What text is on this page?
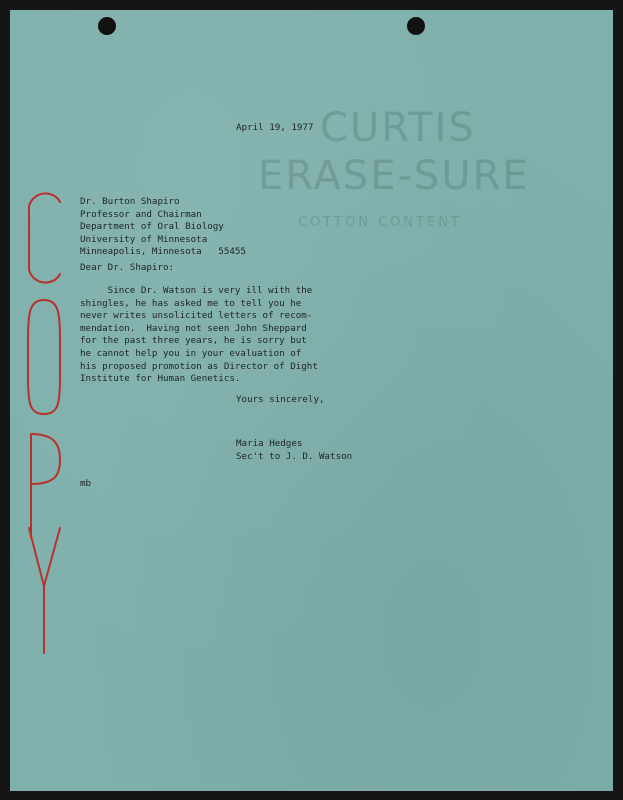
CURTIS
ERASE-SURE
COTTON CONTENT
April 19, 1977
Dr. Burton Shapiro
Professor and Chairman
Department of Oral Biology
University of Minnesota
Minneapolis, Minnesota   55455
Dear Dr. Shapiro:
Since Dr. Watson is very ill with the
shingles, he has asked me to tell you he
never writes unsolicited letters of recom-
mendation.  Having not seen John Sheppard
for the past three years, he is sorry but
he cannot help you in your evaluation of
his proposed promotion as Director of Dight
Institute for Human Genetics.
Yours sincerely,
Maria Hedges
Sec't to J. D. Watson
mb
